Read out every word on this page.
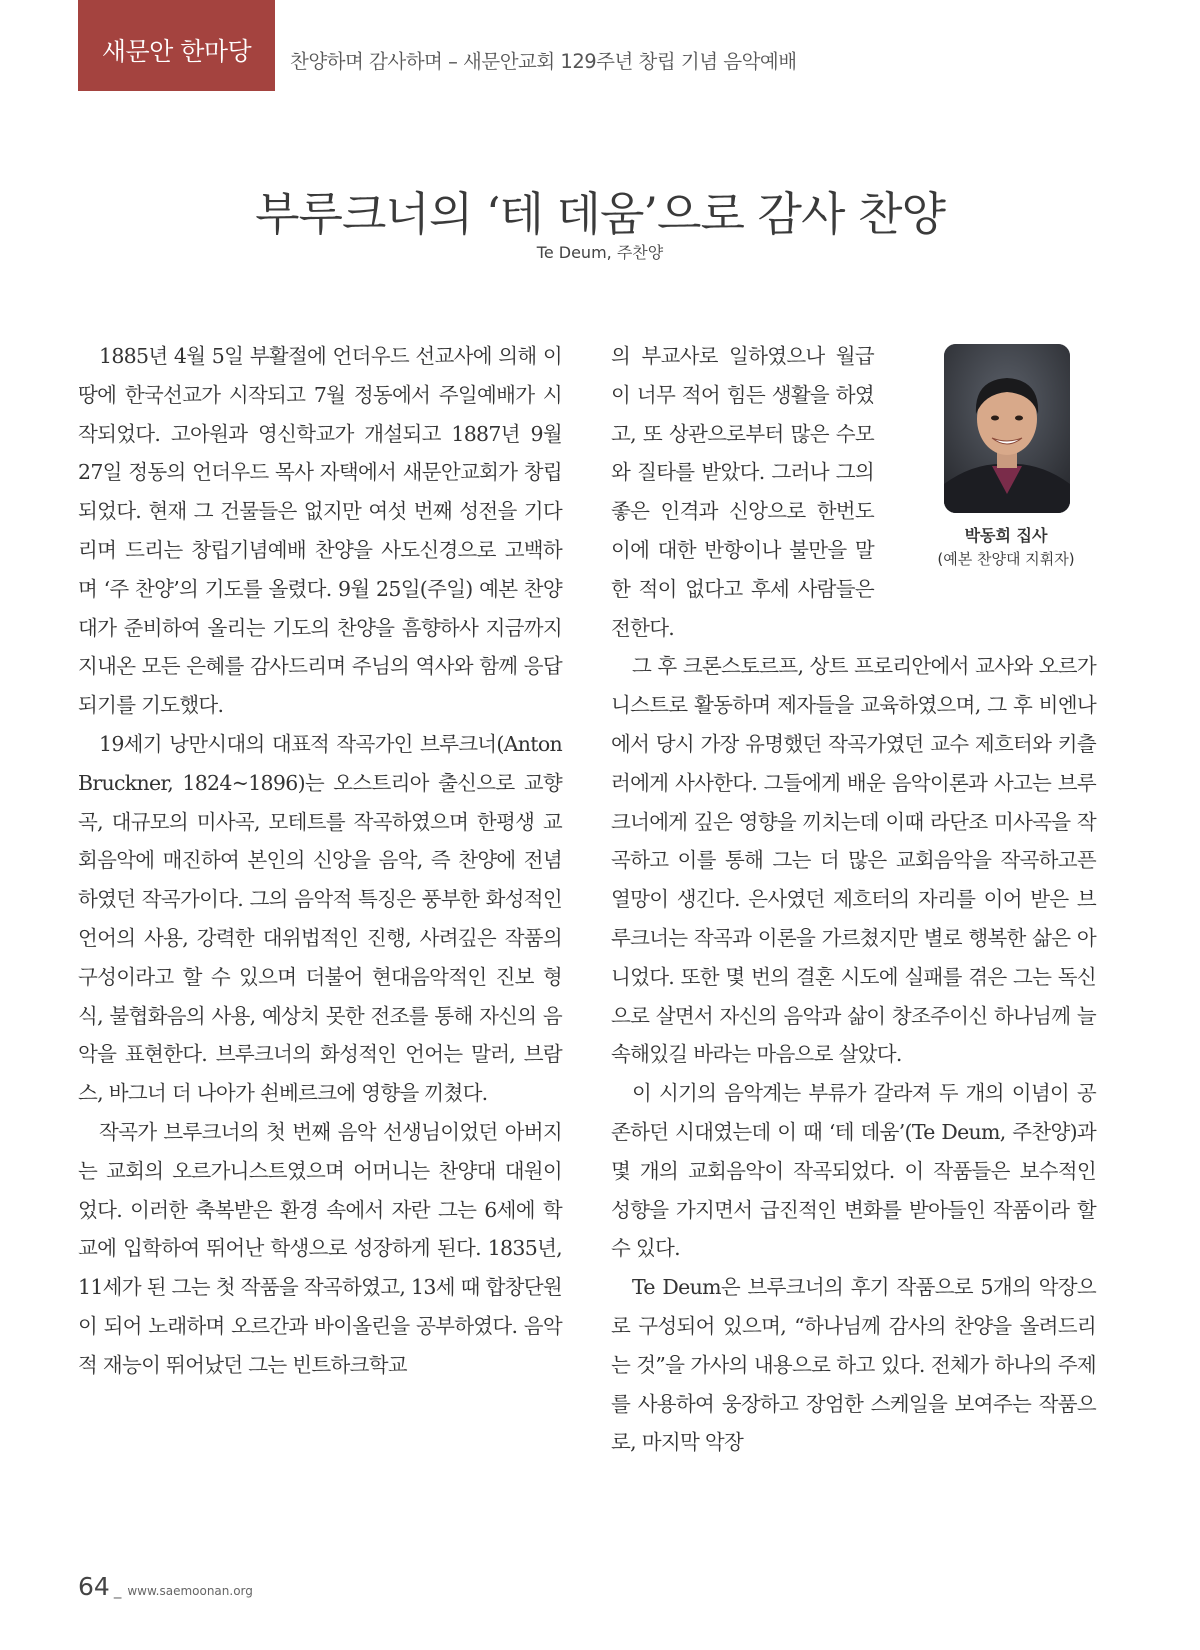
새문안 한마당	찬양하며 감사하며 – 새문안교회 129주년 창립 기념 음악예배
부루크너의 ‘테 데움’으로 감사 찬양
Te Deum, 주찬양

1885년 4월 5일 부활절에 언더우드 선교사에 의해 이 땅에 한국선교가 시작되고 7월 정동에서 주일예배가 시작되었다. 고아원과 영신학교가 개설되고 1887년 9월 27일 정동의 언더우드 목사 자택에서 새문안교회가 창립되었다. 현재 그 건물들은 없지만 여섯 번째 성전을 기다리며 드리는 창립기념예배 찬양을 사도신경으로 고백하며 ‘주 찬양’의 기도를 올렸다. 9월 25일(주일) 예본 찬양대가 준비하여 올리는 기도의 찬양을 흠향하사 지금까지 지내온 모든 은혜를 감사드리며 주님의 역사와 함께 응답되기를 기도했다.

19세기 낭만시대의 대표적 작곡가인 브루크너(Anton Bruckner, 1824~1896)는 오스트리아 출신으로 교향곡, 대규모의 미사곡, 모테트를 작곡하였으며 한평생 교회음악에 매진하여 본인의 신앙을 음악, 즉 찬양에 전념하였던 작곡가이다. 그의 음악적 특징은 풍부한 화성적인 언어의 사용, 강력한 대위법적인 진행, 사려깊은 작품의 구성이라고 할 수 있으며 더불어 현대음악적인 진보 형식, 불협화음의 사용, 예상치 못한 전조를 통해 자신의 음악을 표현한다. 브루크너의 화성적인 언어는 말러, 브람스, 바그너 더 나아가 쇤베르크에 영향을 끼쳤다.

작곡가 브루크너의 첫 번째 음악 선생님이었던 아버지는 교회의 오르가니스트였으며 어머니는 찬양대 대원이었다. 이러한 축복받은 환경 속에서 자란 그는 6세에 학교에 입학하여 뛰어난 학생으로 성장하게 된다. 1835년, 11세가 된 그는 첫 작품을 작곡하였고, 13세 때 합창단원이 되어 노래하며 오르간과 바이올린을 공부하였다. 음악적 재능이 뛰어났던 그는 빈트하크학교

의 부교사로 일하였으나 월급이 너무 적어 힘든 생활을 하였고, 또 상관으로부터 많은 수모와 질타를 받았다. 그러나 그의 좋은 인격과 신앙으로 한번도 이에 대한 반항이나 불만을 말한 적이 없다고 후세 사람들은 전한다.

그 후 크론스토르프, 상트 프로리안에서 교사와 오르가니스트로 활동하며 제자들을 교육하였으며, 그 후 비엔나에서 당시 가장 유명했던 작곡가였던 교수 제흐터와 키츨러에게 사사한다. 그들에게 배운 음악이론과 사고는 브루크너에게 깊은 영향을 끼치는데 이때 라단조 미사곡을 작곡하고 이를 통해 그는 더 많은 교회음악을 작곡하고픈 열망이 생긴다. 은사였던 제흐터의 자리를 이어 받은 브루크너는 작곡과 이론을 가르쳤지만 별로 행복한 삶은 아니었다. 또한 몇 번의 결혼 시도에 실패를 겪은 그는 독신으로 살면서 자신의 음악과 삶이 창조주이신 하나님께 늘 속해있길 바라는 마음으로 살았다.

이 시기의 음악계는 부류가 갈라져 두 개의 이념이 공존하던 시대였는데 이 때 ‘테 데움’(Te Deum, 주찬양)과 몇 개의 교회음악이 작곡되었다. 이 작품들은 보수적인 성향을 가지면서 급진적인 변화를 받아들인 작품이라 할 수 있다.

Te Deum은 브루크너의 후기 작품으로 5개의 악장으로 구성되어 있으며, “하나님께 감사의 찬양을 올려드리는 것”을 가사의 내용으로 하고 있다. 전체가 하나의 주제를 사용하여 웅장하고 장엄한 스케일을 보여주는 작품으로, 마지막 악장

박동희 집사
(예본 찬양대 지휘자)
64 _ www.saemoonan.org
